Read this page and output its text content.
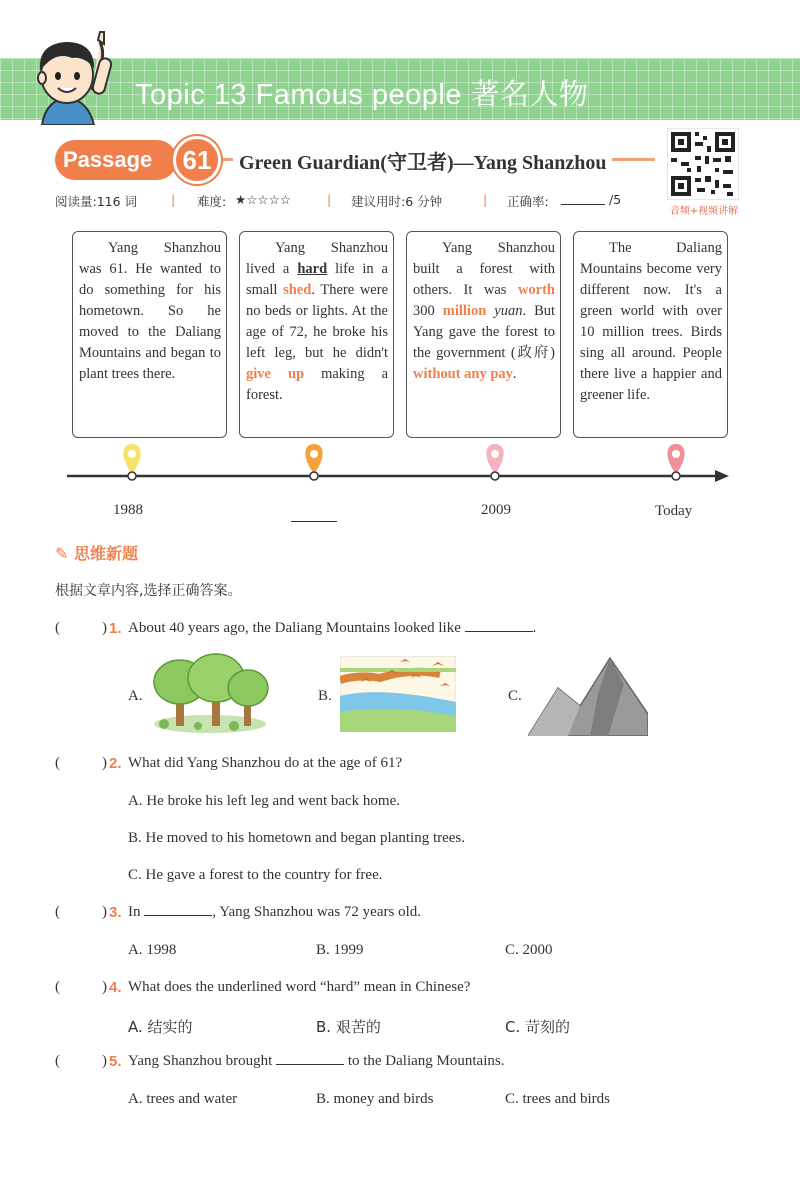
Topic 13 Famous people 著名人物
Passage	61	Green Guardian(守卫者)—Yang Shanzhou
音频+视频讲解
阅读量:116 词	| 难度: ★☆☆☆☆	| 建议用时:6 分钟	| 正确率:	/5
Yang Shanzhou was 61. He wanted to do something for his hometown. So he moved to the Daliang Mountains and began to plant trees there.
Yang Shanzhou lived a hard life in a small shed. There were no beds or lights. At the age of 72, he broke his left leg, but he didn't give up making a forest.
Yang Shanzhou built a forest with others. It was worth 300 million yuan. But Yang gave the forest to the government (政府) without any pay.
The Daliang Mountains become very different now. It's a green world with over 10 million trees. Birds sing all around. People there live a happier and greener life.
1988	2009	Today
✎ 思维新题
根据文章内容,选择正确答案。
(	) 1. About 40 years ago, the Daliang Mountains looked like	.
A.	B.	C.
(	) 2. What did Yang Shanzhou do at the age of 61?
A. He broke his left leg and went back home.
B. He moved to his hometown and began planting trees.
C. He gave a forest to the country for free.
(	) 3. In	, Yang Shanzhou was 72 years old.
A. 1998	B. 1999	C. 2000
(	) 4. What does the underlined word “hard” mean in Chinese?
A. 结实的	B. 艰苦的	C. 苛刻的
(	) 5. Yang Shanzhou brought	to the Daliang Mountains.
A. trees and water	B. money and birds	C. trees and birds
